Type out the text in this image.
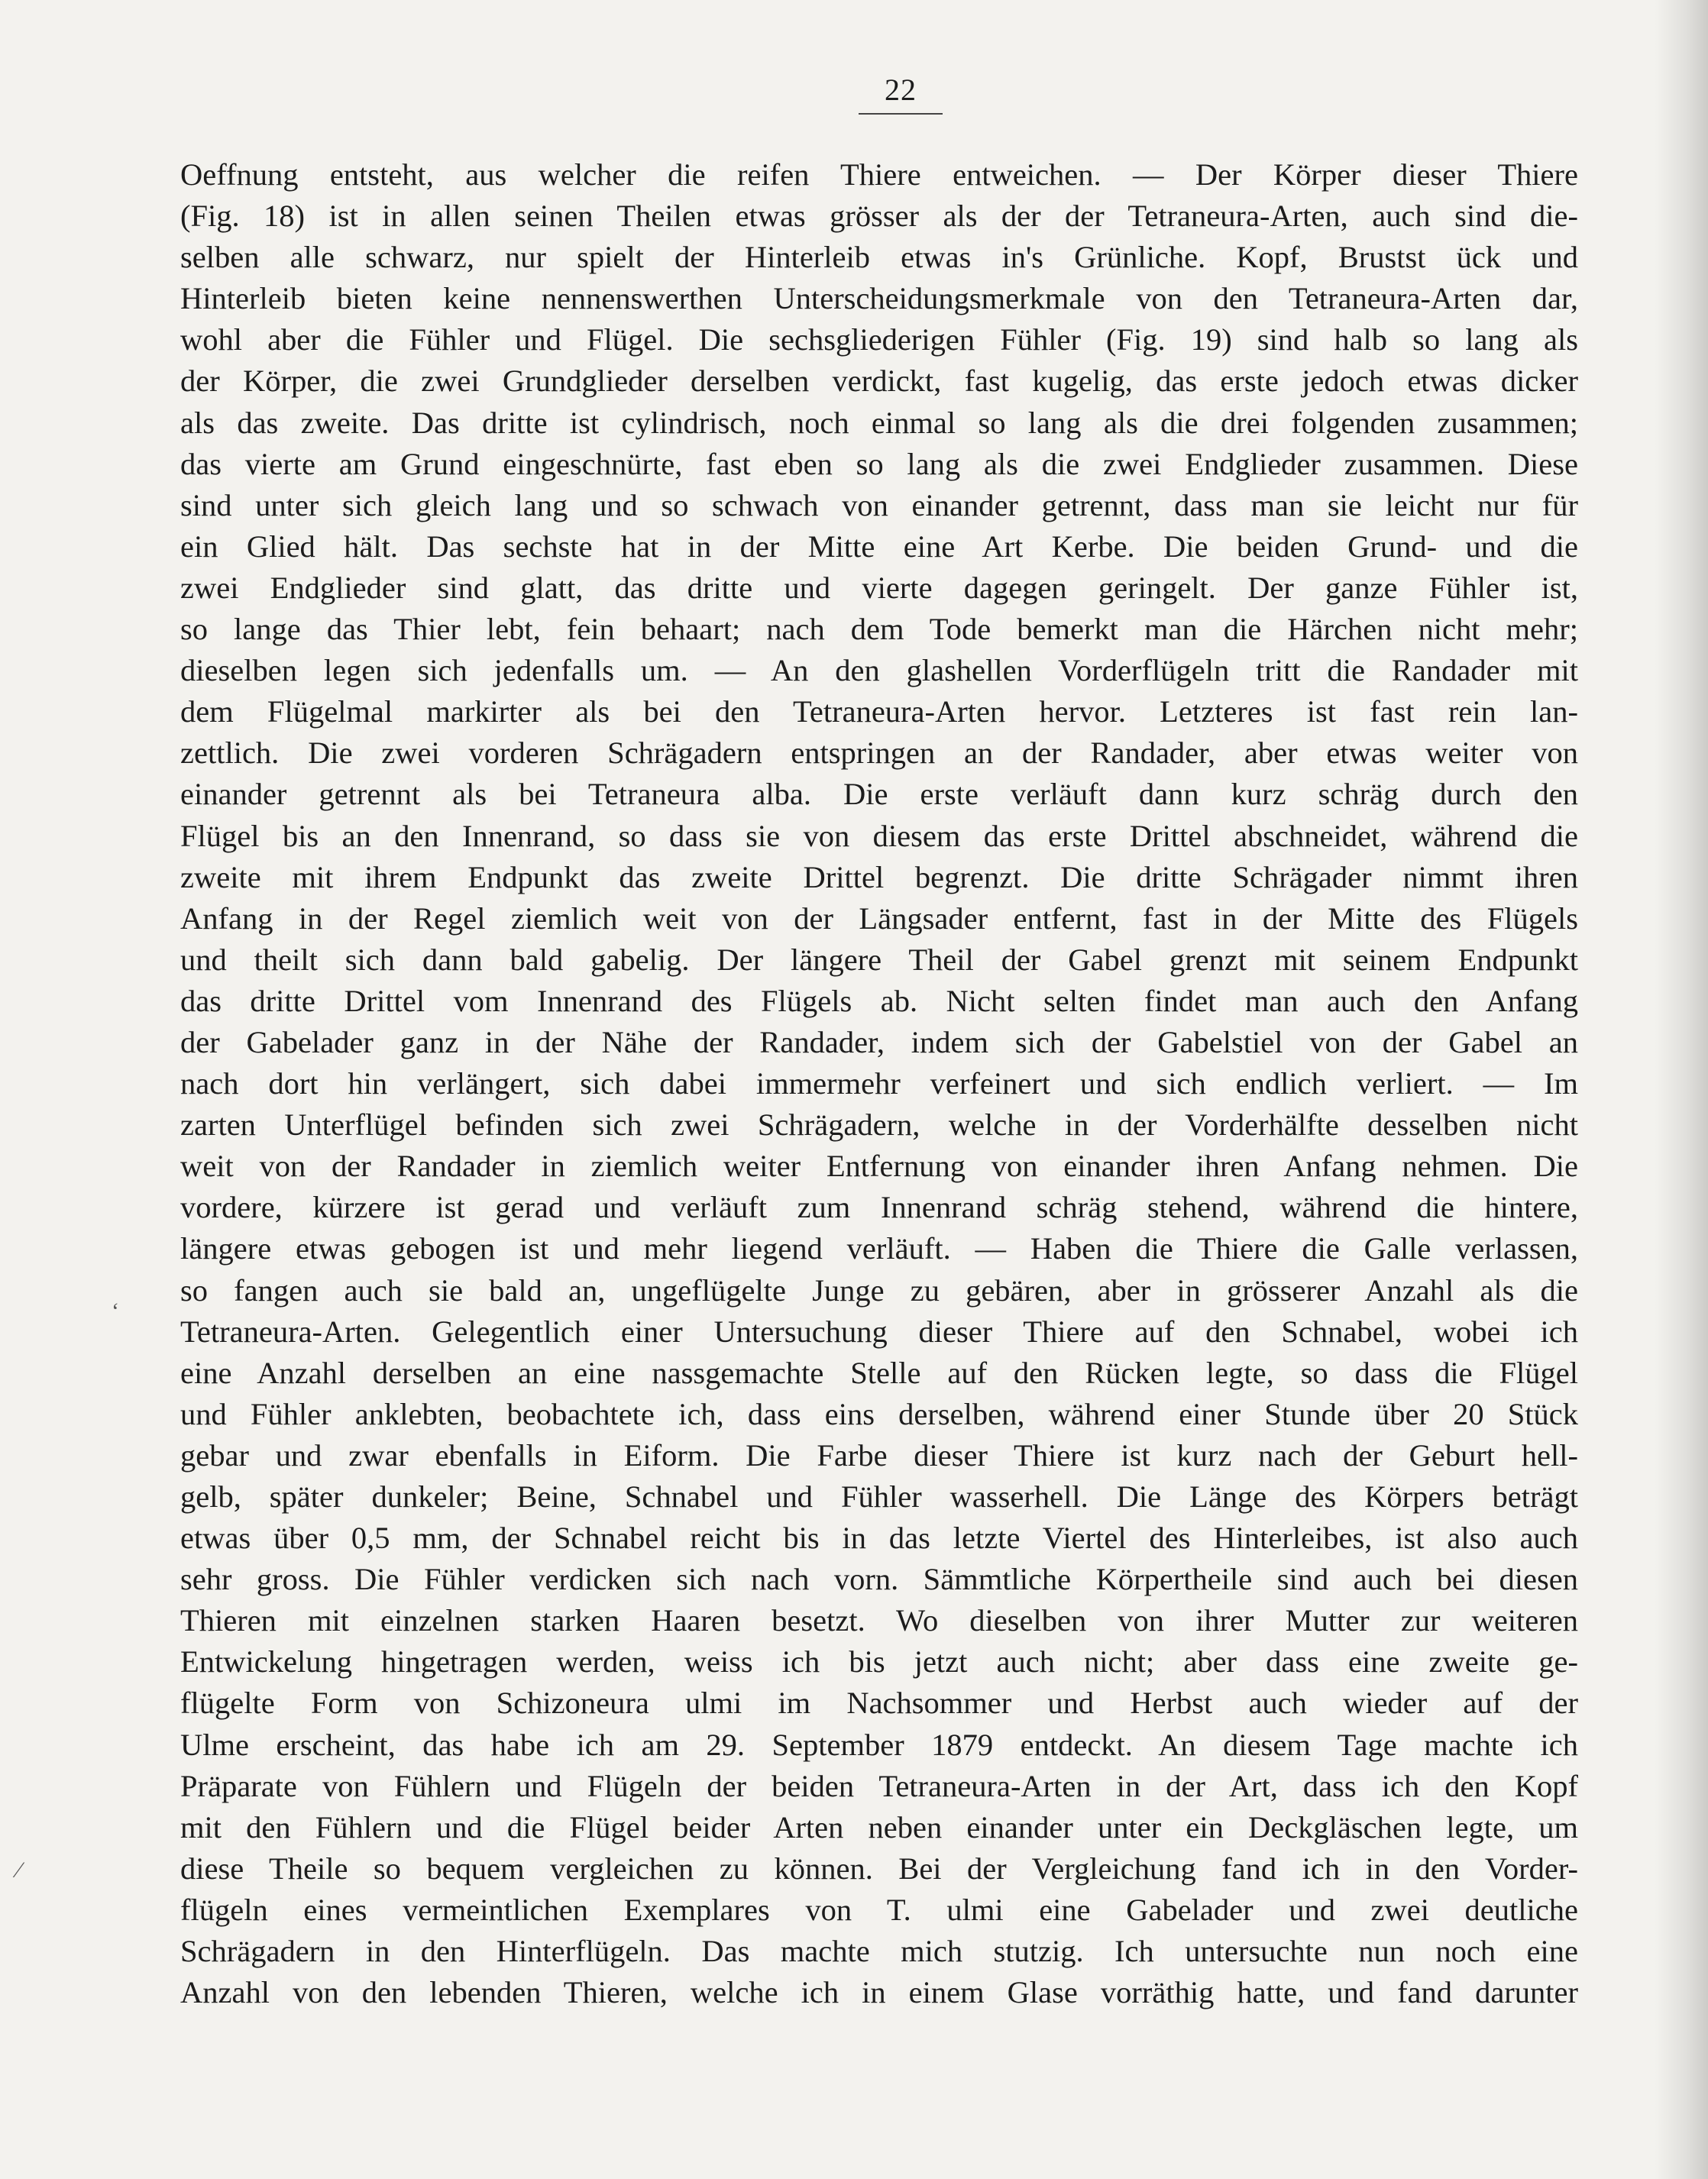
22
ʻ
⁄
Oeffnung entsteht, aus welcher die reifen Thiere entweichen. — Der Körper dieser Thiere
(Fig. 18) ist in allen seinen Theilen etwas grösser als der der Tetraneura-Arten, auch sind die-
selben alle schwarz, nur spielt der Hinterleib etwas in's Grünliche. Kopf, Brustst ück und
Hinterleib bieten keine nennenswerthen Unterscheidungsmerkmale von den Tetraneura-Arten dar,
wohl aber die Fühler und Flügel. Die sechsgliederigen Fühler (Fig. 19) sind halb so lang als
der Körper, die zwei Grundglieder derselben verdickt, fast kugelig, das erste jedoch etwas dicker
als das zweite. Das dritte ist cylindrisch, noch einmal so lang als die drei folgenden zusammen;
das vierte am Grund eingeschnürte, fast eben so lang als die zwei Endglieder zusammen. Diese
sind unter sich gleich lang und so schwach von einander getrennt, dass man sie leicht nur für
ein Glied hält. Das sechste hat in der Mitte eine Art Kerbe. Die beiden Grund- und die
zwei Endglieder sind glatt, das dritte und vierte dagegen geringelt. Der ganze Fühler ist,
so lange das Thier lebt, fein behaart; nach dem Tode bemerkt man die Härchen nicht mehr;
dieselben legen sich jedenfalls um. — An den glashellen Vorderflügeln tritt die Randader mit
dem Flügelmal markirter als bei den Tetraneura-Arten hervor. Letzteres ist fast rein lan-
zettlich. Die zwei vorderen Schrägadern entspringen an der Randader, aber etwas weiter von
einander getrennt als bei Tetraneura alba. Die erste verläuft dann kurz schräg durch den
Flügel bis an den Innenrand, so dass sie von diesem das erste Drittel abschneidet, während die
zweite mit ihrem Endpunkt das zweite Drittel begrenzt. Die dritte Schrägader nimmt ihren
Anfang in der Regel ziemlich weit von der Längsader entfernt, fast in der Mitte des Flügels
und theilt sich dann bald gabelig. Der längere Theil der Gabel grenzt mit seinem Endpunkt
das dritte Drittel vom Innenrand des Flügels ab. Nicht selten findet man auch den Anfang
der Gabelader ganz in der Nähe der Randader, indem sich der Gabelstiel von der Gabel an
nach dort hin verlängert, sich dabei immermehr verfeinert und sich endlich verliert. — Im
zarten Unterflügel befinden sich zwei Schrägadern, welche in der Vorderhälfte desselben nicht
weit von der Randader in ziemlich weiter Entfernung von einander ihren Anfang nehmen. Die
vordere, kürzere ist gerad und verläuft zum Innenrand schräg stehend, während die hintere,
längere etwas gebogen ist und mehr liegend verläuft. — Haben die Thiere die Galle verlassen,
so fangen auch sie bald an, ungeflügelte Junge zu gebären, aber in grösserer Anzahl als die
Tetraneura-Arten. Gelegentlich einer Untersuchung dieser Thiere auf den Schnabel, wobei ich
eine Anzahl derselben an eine nassgemachte Stelle auf den Rücken legte, so dass die Flügel
und Fühler anklebten, beobachtete ich, dass eins derselben, während einer Stunde über 20 Stück
gebar und zwar ebenfalls in Eiform. Die Farbe dieser Thiere ist kurz nach der Geburt hell-
gelb, später dunkeler; Beine, Schnabel und Fühler wasserhell. Die Länge des Körpers beträgt
etwas über 0,5 mm, der Schnabel reicht bis in das letzte Viertel des Hinterleibes, ist also auch
sehr gross. Die Fühler verdicken sich nach vorn. Sämmtliche Körpertheile sind auch bei diesen
Thieren mit einzelnen starken Haaren besetzt. Wo dieselben von ihrer Mutter zur weiteren
Entwickelung hingetragen werden, weiss ich bis jetzt auch nicht; aber dass eine zweite ge-
flügelte Form von Schizoneura ulmi im Nachsommer und Herbst auch wieder auf der
Ulme erscheint, das habe ich am 29. September 1879 entdeckt. An diesem Tage machte ich
Präparate von Fühlern und Flügeln der beiden Tetraneura-Arten in der Art, dass ich den Kopf
mit den Fühlern und die Flügel beider Arten neben einander unter ein Deckgläschen legte, um
diese Theile so bequem vergleichen zu können. Bei der Vergleichung fand ich in den Vorder-
flügeln eines vermeintlichen Exemplares von T. ulmi eine Gabelader und zwei deutliche
Schrägadern in den Hinterflügeln. Das machte mich stutzig. Ich untersuchte nun noch eine
Anzahl von den lebenden Thieren, welche ich in einem Glase vorräthig hatte, und fand darunter
